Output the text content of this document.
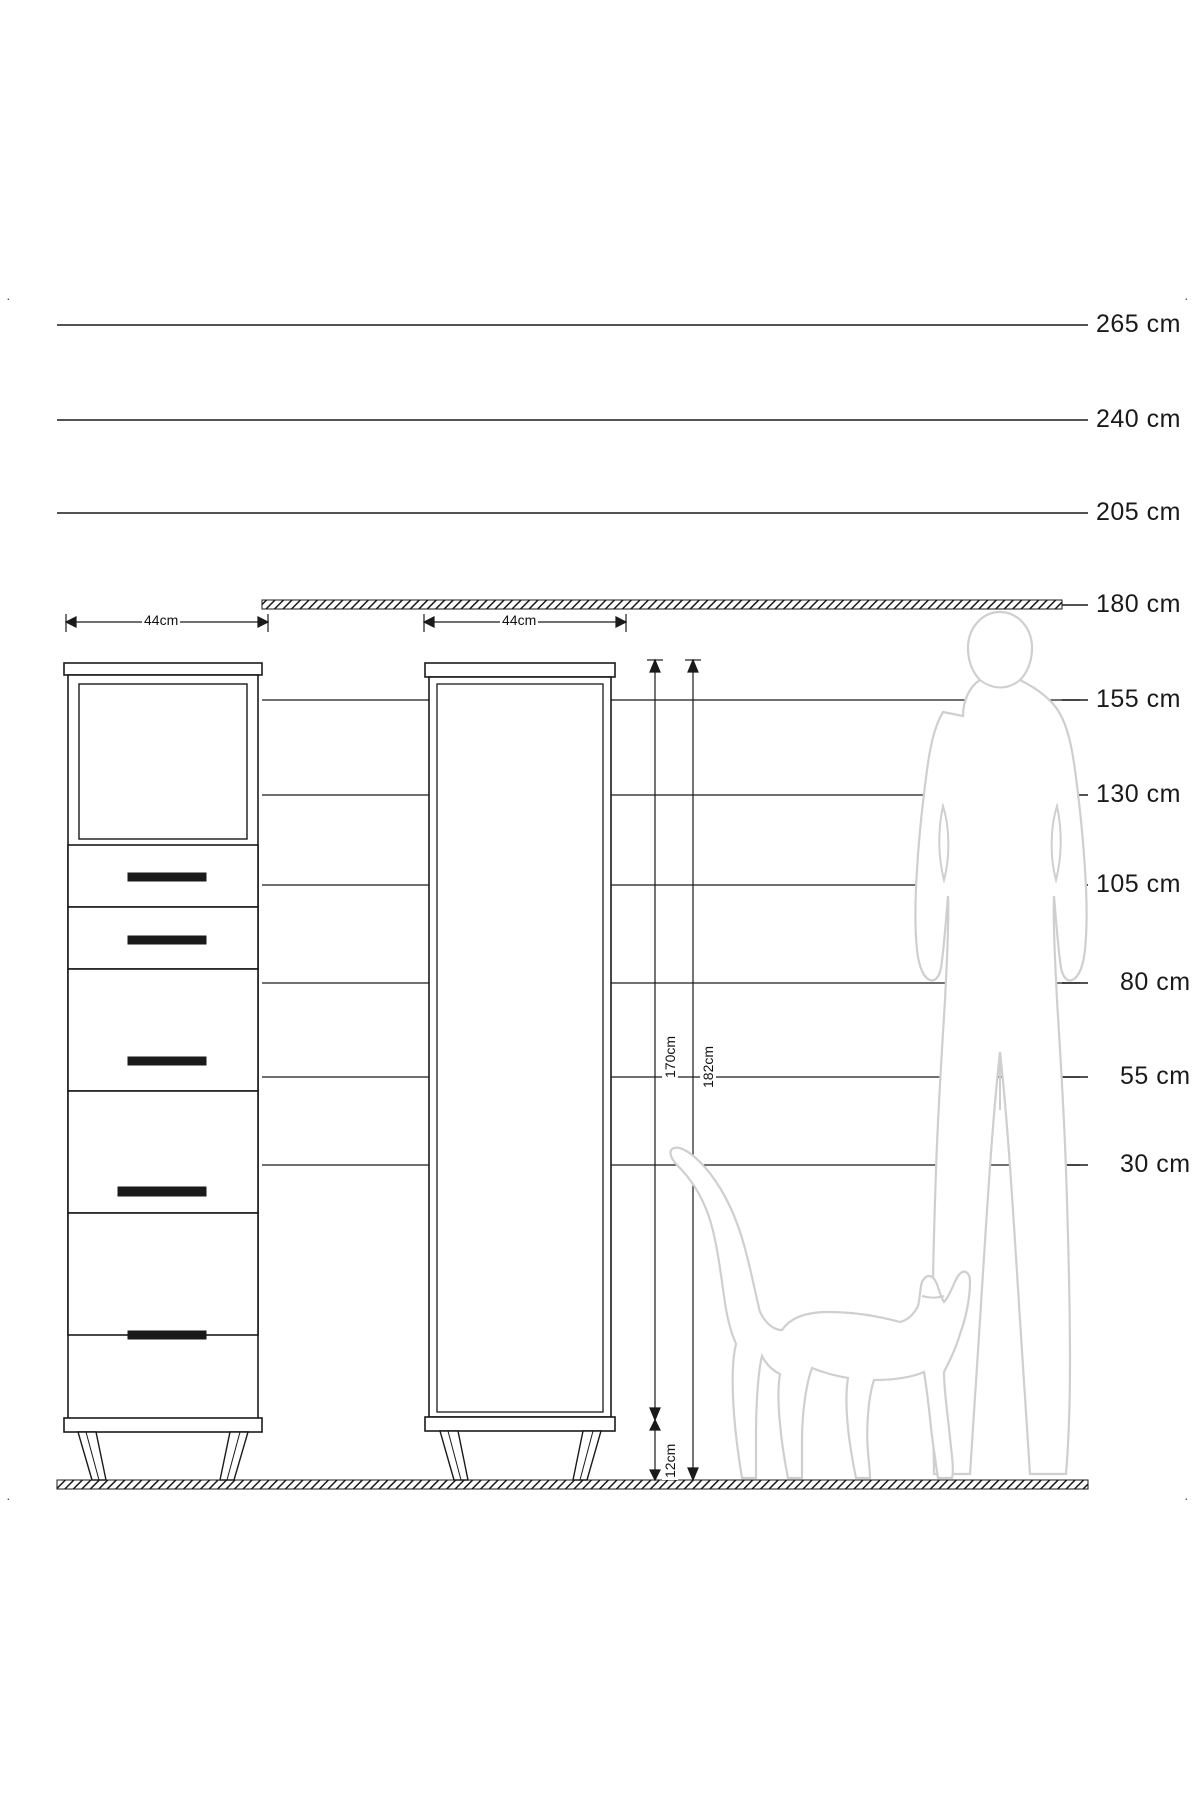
265 cm
240 cm
205 cm
180 cm
155 cm
130 cm
105 cm
80 cm
55 cm
30 cm
44cm	44cm
170cm 182cm
12cm
·	·
·	·
